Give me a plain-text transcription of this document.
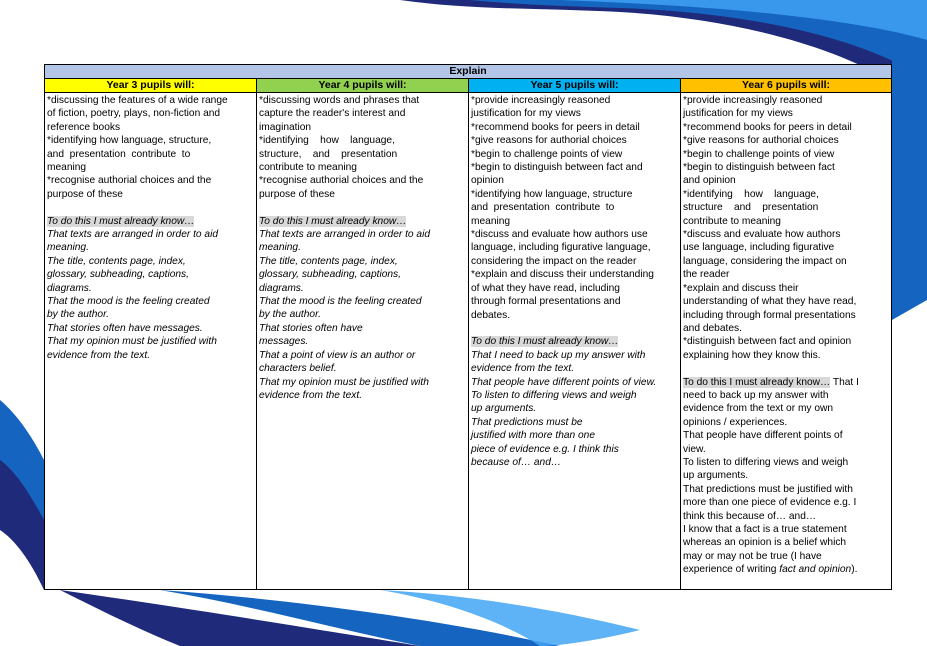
Explain
Year 3 pupils will:
*discussing the features of a wide range
of fiction, poetry, plays, non-fiction and
reference books
*identifying how language, structure,
and  presentation  contribute  to
meaning
*recognise authorial choices and the
purpose of these
To do this I must already know…
That texts are arranged in order to aid
meaning.
The title, contents page, index,
glossary, subheading, captions,
diagrams.
That the mood is the feeling created
by the author.
That stories often have messages.
That my opinion must be justified with
evidence from the text.
Year 4 pupils will:
*discussing words and phrases that
capture the reader's interest and
imagination
*identifying    how    language,
structure,    and    presentation
contribute to meaning
*recognise authorial choices and the
purpose of these
To do this I must already know…
That texts are arranged in order to aid
meaning.
The title, contents page, index,
glossary, subheading, captions,
diagrams.
That the mood is the feeling created
by the author.
That stories often have
messages.
That a point of view is an author or
characters belief.
That my opinion must be justified with
evidence from the text.
Year 5 pupils will:
*provide increasingly reasoned
justification for my views
*recommend books for peers in detail
*give reasons for authorial choices
*begin to challenge points of view
*begin to distinguish between fact and
opinion
*identifying how language, structure
and  presentation  contribute  to
meaning
*discuss and evaluate how authors use
language, including figurative language,
considering the impact on the reader
*explain and discuss their understanding
of what they have read, including
through formal presentations and
debates.
To do this I must already know…
That I need to back up my answer with
evidence from the text.
That people have different points of view.
To listen to differing views and weigh
up arguments.
That predictions must be
justified with more than one
piece of evidence e.g. I think this
because of… and…
Year 6 pupils will:
*provide increasingly reasoned
justification for my views
*recommend books for peers in detail
*give reasons for authorial choices
*begin to challenge points of view
*begin to distinguish between fact
and opinion
*identifying    how    language,
structure    and    presentation
contribute to meaning
*discuss and evaluate how authors
use language, including figurative
language, considering the impact on
the reader
*explain and discuss their
understanding of what they have read,
including through formal presentations
and debates.
*distinguish between fact and opinion
explaining how they know this.
To do this I must already know… That I
need to back up my answer with
evidence from the text or my own
opinions / experiences.
That people have different points of
view.
To listen to differing views and weigh
up arguments.
That predictions must be justified with
more than one piece of evidence e.g. I
think this because of… and…
I know that a fact is a true statement
whereas an opinion is a belief which
may or may not be true (I have
experience of writing fact and opinion).
